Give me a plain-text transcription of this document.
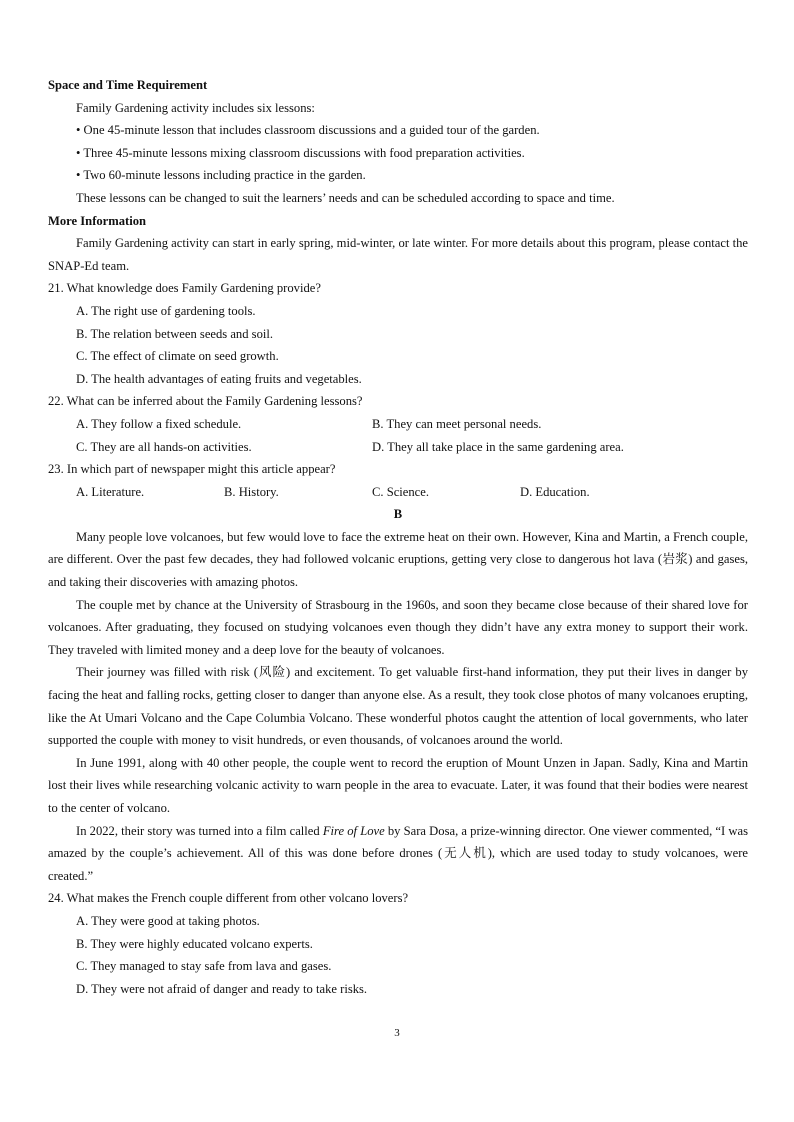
Space and Time Requirement
Family Gardening activity includes six lessons:
• One 45-minute lesson that includes classroom discussions and a guided tour of the garden.
• Three 45-minute lessons mixing classroom discussions with food preparation activities.
• Two 60-minute lessons including practice in the garden.
These lessons can be changed to suit the learners’ needs and can be scheduled according to space and time.
More Information
Family Gardening activity can start in early spring, mid-winter, or late winter. For more details about this program, please contact the SNAP-Ed team.
21. What knowledge does Family Gardening provide?
A. The right use of gardening tools.
B. The relation between seeds and soil.
C. The effect of climate on seed growth.
D. The health advantages of eating fruits and vegetables.
22. What can be inferred about the Family Gardening lessons?
A. They follow a fixed schedule.	B. They can meet personal needs.
C. They are all hands-on activities.	D. They all take place in the same gardening area.
23. In which part of newspaper might this article appear?
A. Literature.	B. History.	C. Science.	D. Education.
B
Many people love volcanoes, but few would love to face the extreme heat on their own. However, Kina and Martin, a French couple, are different. Over the past few decades, they had followed volcanic eruptions, getting very close to dangerous hot lava (岩浆) and gases, and taking their discoveries with amazing photos.
The couple met by chance at the University of Strasbourg in the 1960s, and soon they became close because of their shared love for volcanoes. After graduating, they focused on studying volcanoes even though they didn’t have any extra money to support their work. They traveled with limited money and a deep love for the beauty of volcanoes.
Their journey was filled with risk (风险) and excitement. To get valuable first-hand information, they put their lives in danger by facing the heat and falling rocks, getting closer to danger than anyone else. As a result, they took close photos of many volcanoes erupting, like the At Umari Volcano and the Cape Columbia Volcano. These wonderful photos caught the attention of local governments, who later supported the couple with money to visit hundreds, or even thousands, of volcanoes around the world.
In June 1991, along with 40 other people, the couple went to record the eruption of Mount Unzen in Japan. Sadly, Kina and Martin lost their lives while researching volcanic activity to warn people in the area to evacuate. Later, it was found that their bodies were nearest to the center of volcano.
In 2022, their story was turned into a film called Fire of Love by Sara Dosa, a prize-winning director. One viewer commented, “I was amazed by the couple’s achievement. All of this was done before drones (无人机), which are used today to study volcanoes, were created.”
24. What makes the French couple different from other volcano lovers?
A. They were good at taking photos.
B. They were highly educated volcano experts.
C. They managed to stay safe from lava and gases.
D. They were not afraid of danger and ready to take risks.
3
